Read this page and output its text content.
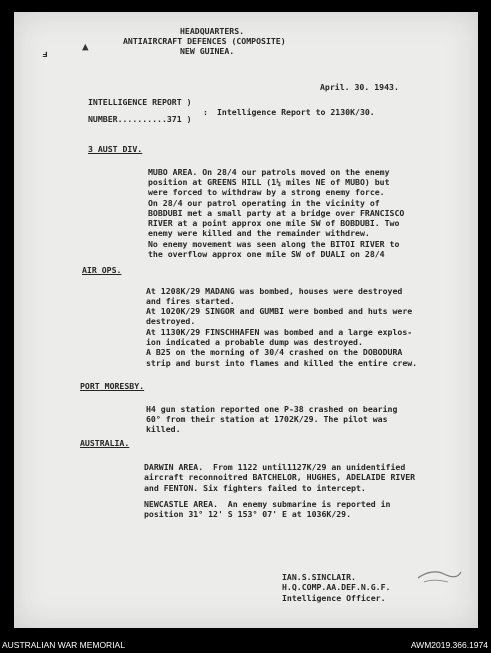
ⅎ
▲
HEADQUARTERS.
ANTIAIRCRAFT DEFENCES (COMPOSITE)
NEW GUINEA.
April. 30. 1943.
INTELLIGENCE REPORT )
: Intelligence Report to 2130K/30.
NUMBER..........371 )
3 AUST DIV.
MUBO AREA. On 28/4 our patrols moved on the enemy
position at GREENS HILL (1¼ miles NE of MUBO) but
were forced to withdraw by a strong enemy force.
On 28/4 our patrol operating in the vicinity of
BOBDUBI met a small party at a bridge over FRANCISCO
RIVER at a point approx one mile SW of BOBDUBI. Two
enemy were killed and the remainder withdrew.
No enemy movement was seen along the BITOI RIVER to
the overflow approx one mile SW of DUALI on 28/4
AIR OPS.
At 1208K/29 MADANG was bombed, houses were destroyed
and fires started.
At 1020K/29 SINGOR and GUMBI were bombed and huts were
destroyed.
At 1130K/29 FINSCHHAFEN was bombed and a large explos-
ion indicated a probable dump was destroyed.
A B25 on the morning of 30/4 crashed on the DOBODURA
strip and burst into flames and killed the entire crew.
PORT MORESBY.
H4 gun station reported one P-38 crashed on bearing
60° from their station at 1702K/29. The pilot was
killed.
AUSTRALIA.
DARWIN AREA.  From 1122 until1127K/29 an unidentified
aircraft reconnoitred BATCHELOR, HUGHES, ADELAIDE RIVER
and FENTON. Six fighters failed to intercept.
NEWCASTLE AREA.  An enemy submarine is reported in
position 31° 12' S 153° 07' E at 1036K/29.
IAN.S.SINCLAIR.
H.Q.COMP.AA.DEF.N.G.F.
Intelligence Officer.
AUSTRALIAN WAR MEMORIAL	AWM2019.366.1974
